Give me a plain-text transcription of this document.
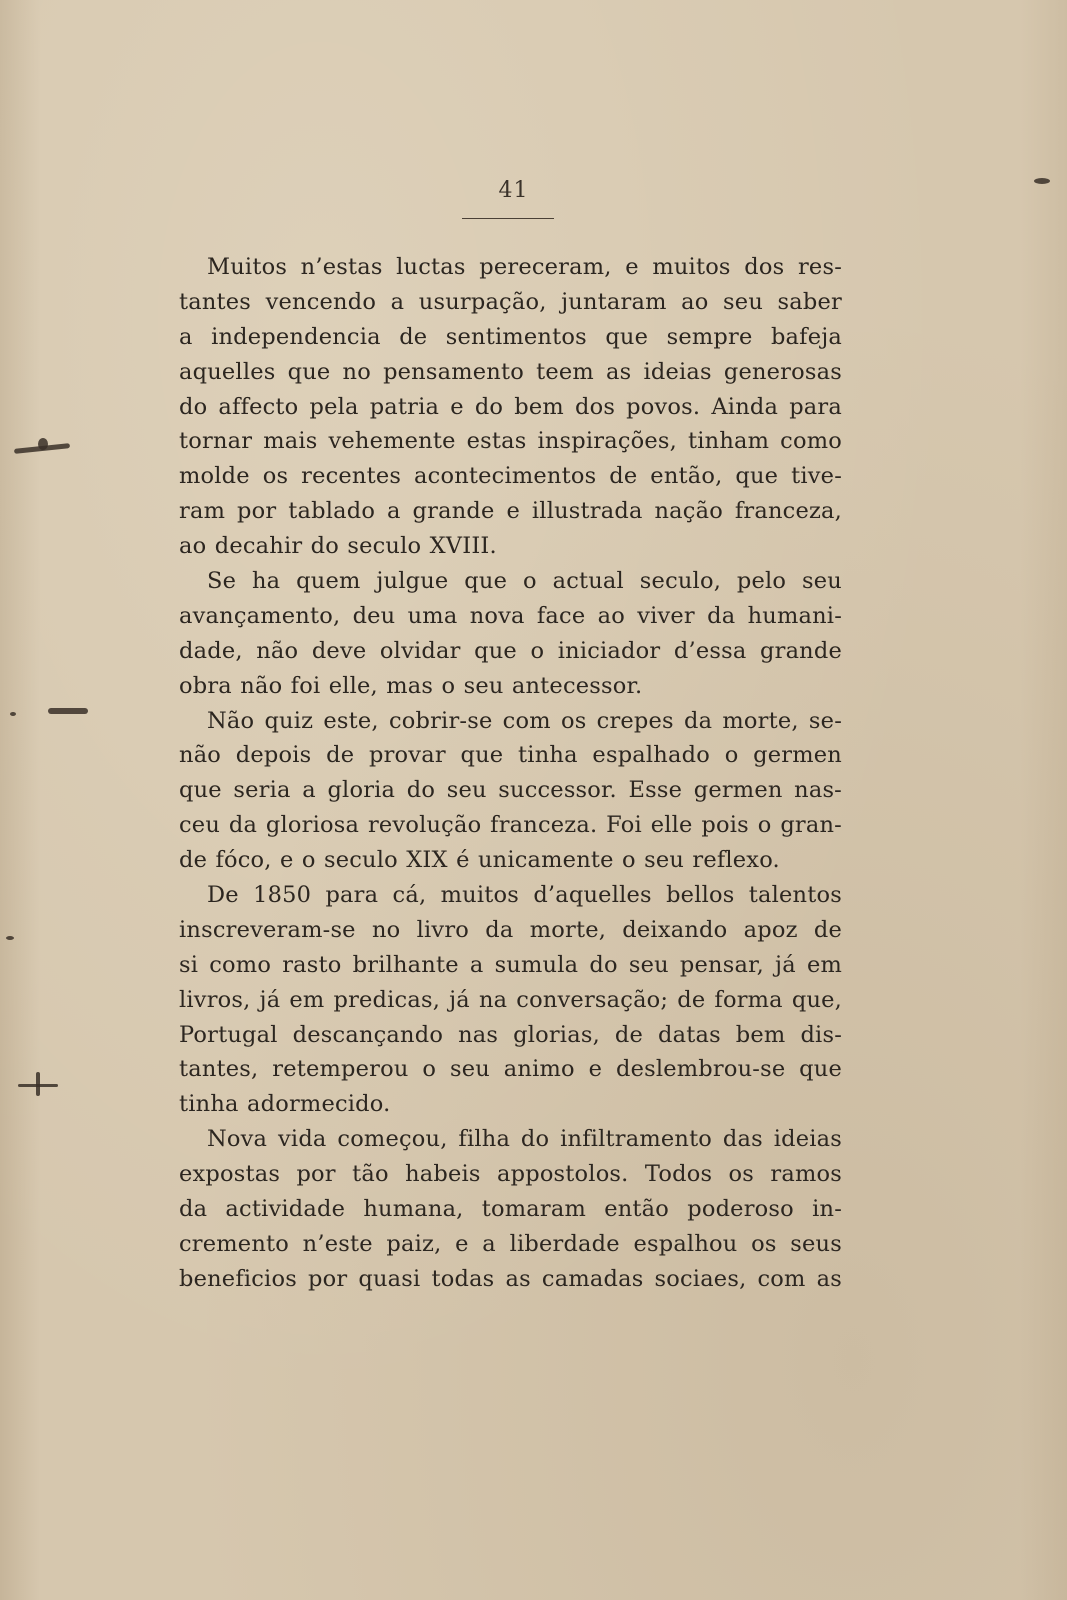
41
Muitos n’estas luctas pereceram, e muitos dos res-
tantes vencendo a usurpação, juntaram ao seu saber
a independencia de sentimentos que sempre bafeja
aquelles que no pensamento teem as ideias generosas
do affecto pela patria e do bem dos povos. Ainda para
tornar mais vehemente estas inspirações, tinham como
molde os recentes acontecimentos de então, que tive-
ram por tablado a grande e illustrada nação franceza,
ao decahir do seculo XVIII.
Se ha quem julgue que o actual seculo, pelo seu
avançamento, deu uma nova face ao viver da humani-
dade, não deve olvidar que o iniciador d’essa grande
obra não foi elle, mas o seu antecessor.
Não quiz este, cobrir-se com os crepes da morte, se-
não depois de provar que tinha espalhado o germen
que seria a gloria do seu successor. Esse germen nas-
ceu da gloriosa revolução franceza. Foi elle pois o gran-
de fóco, e o seculo XIX é unicamente o seu reflexo.
De 1850 para cá, muitos d’aquelles bellos talentos
inscreveram-se no livro da morte, deixando apoz de
si como rasto brilhante a sumula do seu pensar, já em
livros, já em predicas, já na conversação; de forma que,
Portugal descançando nas glorias, de datas bem dis-
tantes, retemperou o seu animo e deslembrou-se que
tinha adormecido.
Nova vida começou, filha do infiltramento das ideias
expostas por tão habeis appostolos. Todos os ramos
da actividade humana, tomaram então poderoso in-
cremento n’este paiz, e a liberdade espalhou os seus
beneficios por quasi todas as camadas sociaes, com as
